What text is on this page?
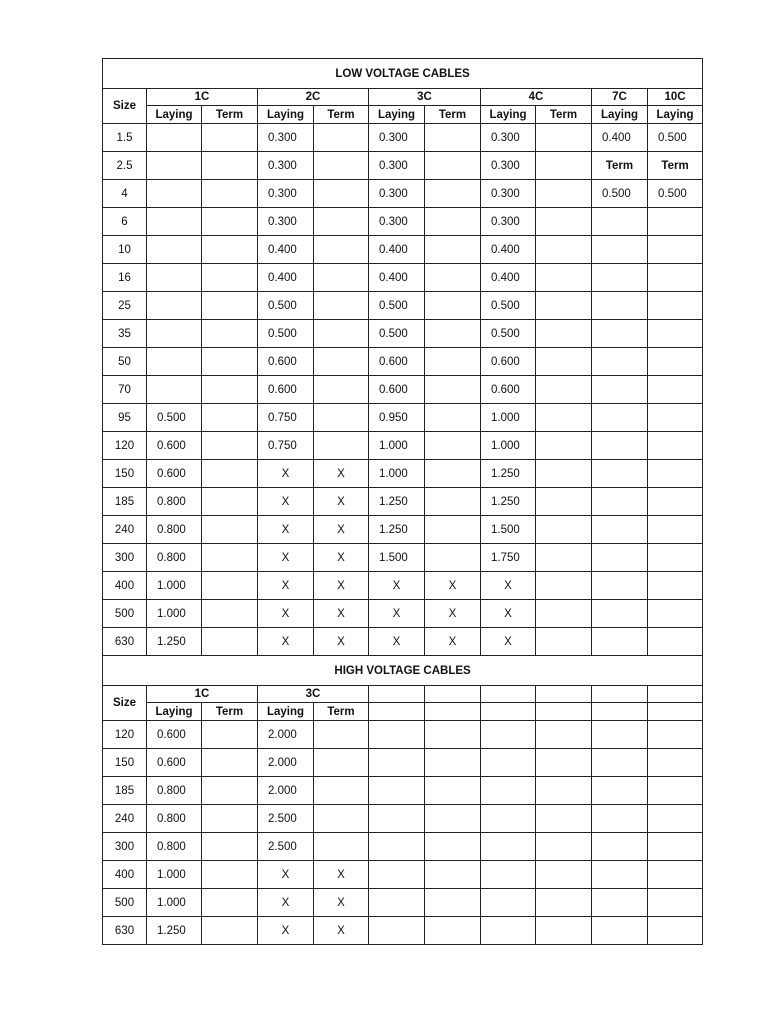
LOW VOLTAGE CABLES										
Size	1C		2C		3C		4C		7C	10C
	Laying	Term	Laying	Term	Laying	Term	Laying	Term	Laying	Laying
1.5			0.300		0.300		0.300		0.400	0.500
2.5			0.300		0.300		0.300		Term	Term
4			0.300		0.300		0.300		0.500	0.500
6			0.300		0.300		0.300			
10			0.400		0.400		0.400			
16			0.400		0.400		0.400			
25			0.500		0.500		0.500			
35			0.500		0.500		0.500			
50			0.600		0.600		0.600			
70			0.600		0.600		0.600			
95	0.500		0.750		0.950		1.000			
120	0.600		0.750		1.000		1.000			
150	0.600		X	X	1.000		1.250			
185	0.800		X	X	1.250		1.250			
240	0.800		X	X	1.250		1.500			
300	0.800		X	X	1.500		1.750			
400	1.000		X	X	X	X	X			
500	1.000		X	X	X	X	X			
630	1.250		X	X	X	X	X			
HIGH VOLTAGE CABLES										
Size	1C		3C							
	Laying	Term	Laying	Term						
120	0.600		2.000							
150	0.600		2.000							
185	0.800		2.000							
240	0.800		2.500							
300	0.800		2.500							
400	1.000		X	X						
500	1.000		X	X						
630	1.250		X	X						
